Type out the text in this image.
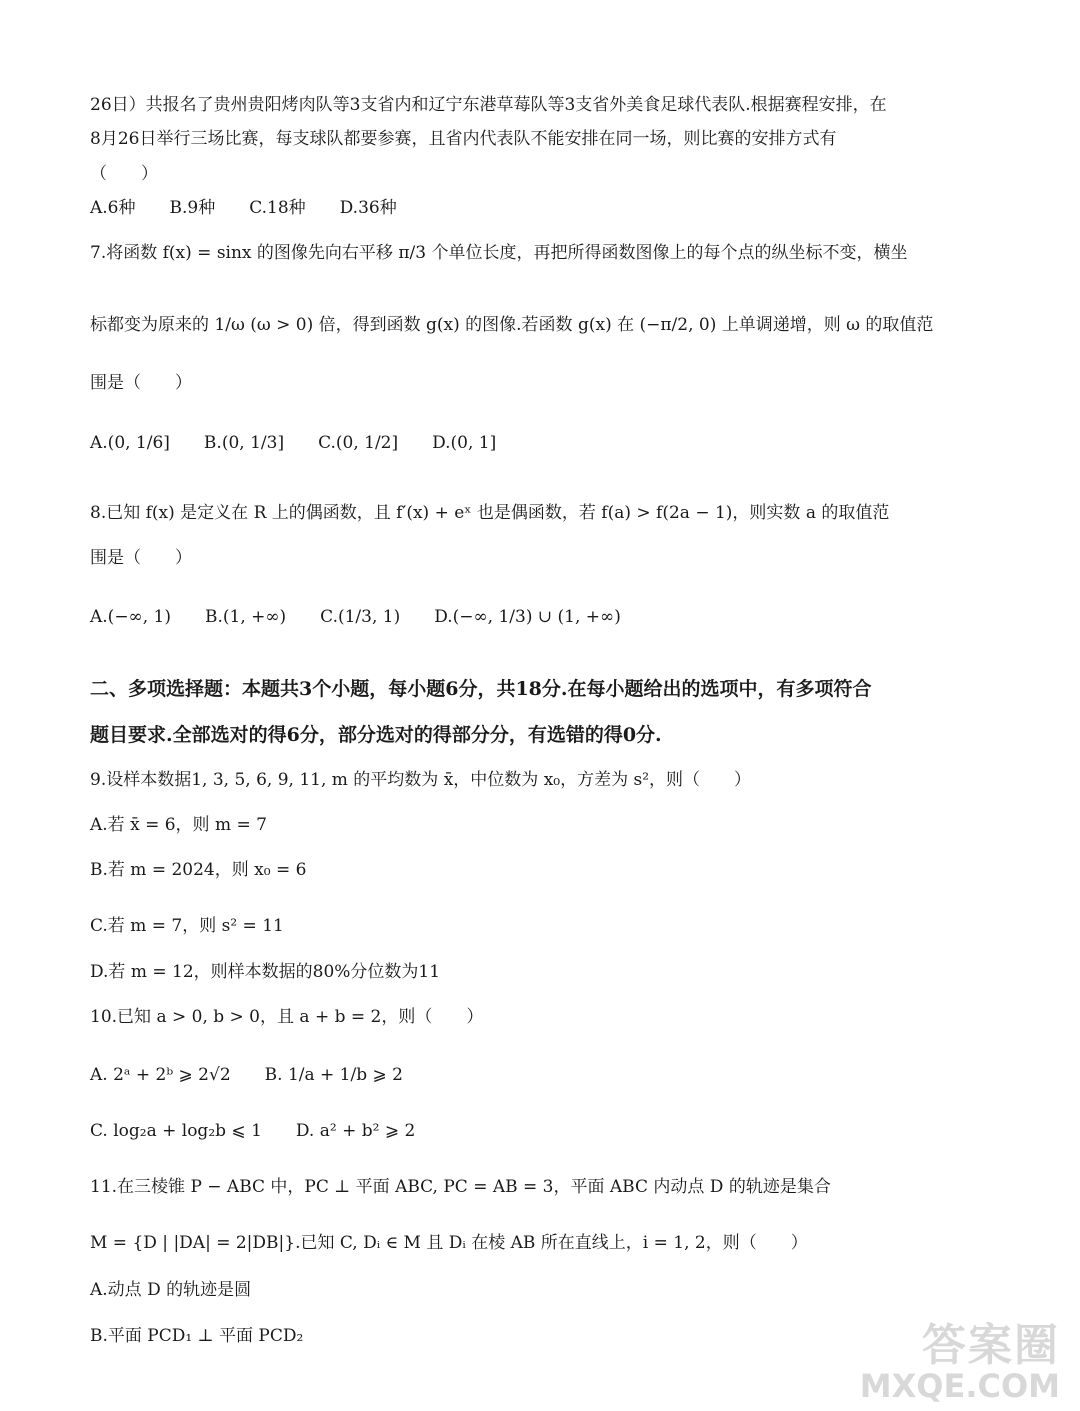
26日）共报名了贵州贵阳烤肉队等3支省内和辽宁东港草莓队等3支省外美食足球代表队.根据赛程安排，在
8月26日举行三场比赛，每支球队都要参赛，且省内代表队不能安排在同一场，则比赛的安排方式有
（　　）
A.6种　　B.9种　　C.18种　　D.36种
7.将函数 f(x) = sinx 的图像先向右平移 π/3 个单位长度，再把所得函数图像上的每个点的纵坐标不变，横坐
标都变为原来的 1/ω (ω > 0) 倍，得到函数 g(x) 的图像.若函数 g(x) 在 (−π/2, 0) 上单调递增，则 ω 的取值范
围是（　　）
A.(0, 1/6]　　B.(0, 1/3]　　C.(0, 1/2]　　D.(0, 1]
8.已知 f(x) 是定义在 R 上的偶函数，且 f′(x) + eˣ 也是偶函数，若 f(a) > f(2a − 1)，则实数 a 的取值范
围是（　　）
A.(−∞, 1)　　B.(1, +∞)　　C.(1/3, 1)　　D.(−∞, 1/3) ∪ (1, +∞)
二、多项选择题：本题共3个小题，每小题6分，共18分.在每小题给出的选项中，有多项符合
题目要求.全部选对的得6分，部分选对的得部分分，有选错的得0分.
9.设样本数据1, 3, 5, 6, 9, 11, m 的平均数为 x̄，中位数为 x₀，方差为 s²，则（　　）
A.若 x̄ = 6，则 m = 7
B.若 m = 2024，则 x₀ = 6
C.若 m = 7，则 s² = 11
D.若 m = 12，则样本数据的80%分位数为11
10.已知 a > 0, b > 0，且 a + b = 2，则（　　）
A. 2ᵃ + 2ᵇ ⩾ 2√2　　B. 1/a + 1/b ⩾ 2
C. log₂a + log₂b ⩽ 1　　D. a² + b² ⩾ 2
11.在三棱锥 P − ABC 中，PC ⊥ 平面 ABC, PC = AB = 3，平面 ABC 内动点 D 的轨迹是集合
M = {D | |DA| = 2|DB|}.已知 C, Dᵢ ∈ M 且 Dᵢ 在棱 AB 所在直线上，i = 1, 2，则（　　）
A.动点 D 的轨迹是圆
B.平面 PCD₁ ⊥ 平面 PCD₂	答案圈
MXQE.COM
